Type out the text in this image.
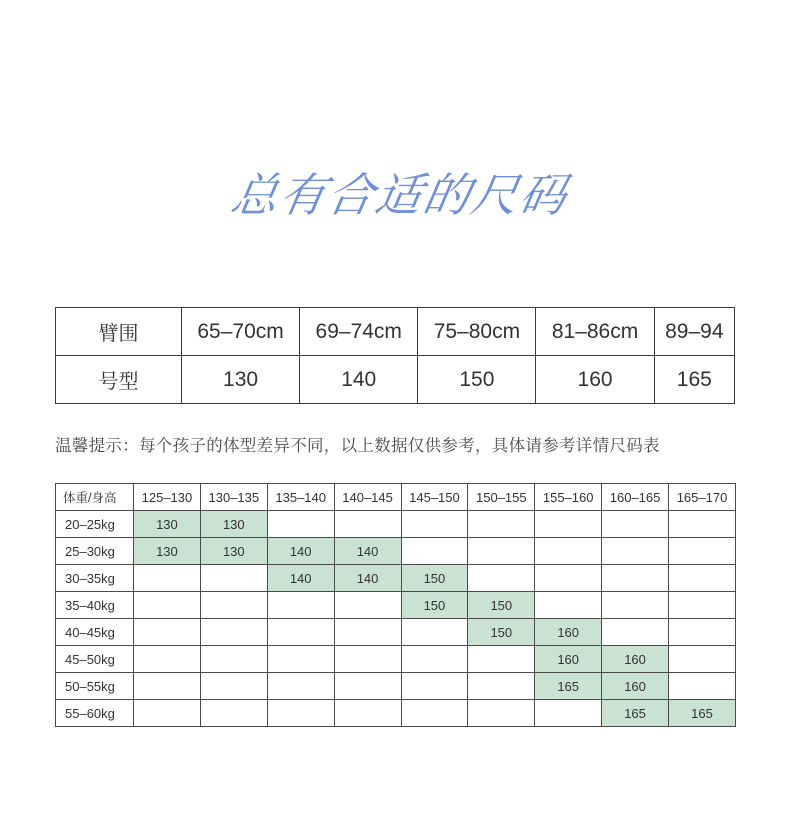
总有合适的尺码
臂围	65–70cm	69–74cm	75–80cm	81–86cm	89–94
号型	130	140	150	160	165
温馨提示：每个孩子的体型差异不同，以上数据仅供参考，具体请参考详情尺码表
体重/身高	125–130	130–135	135–140	140–145	145–150	150–155	155–160	160–165	165–170
20–25kg	130	130							
25–30kg	130	130	140	140					
30–35kg			140	140	150				
35–40kg					150	150			
40–45kg						150	160		
45–50kg							160	160	
50–55kg							165	160	
55–60kg								165	165
